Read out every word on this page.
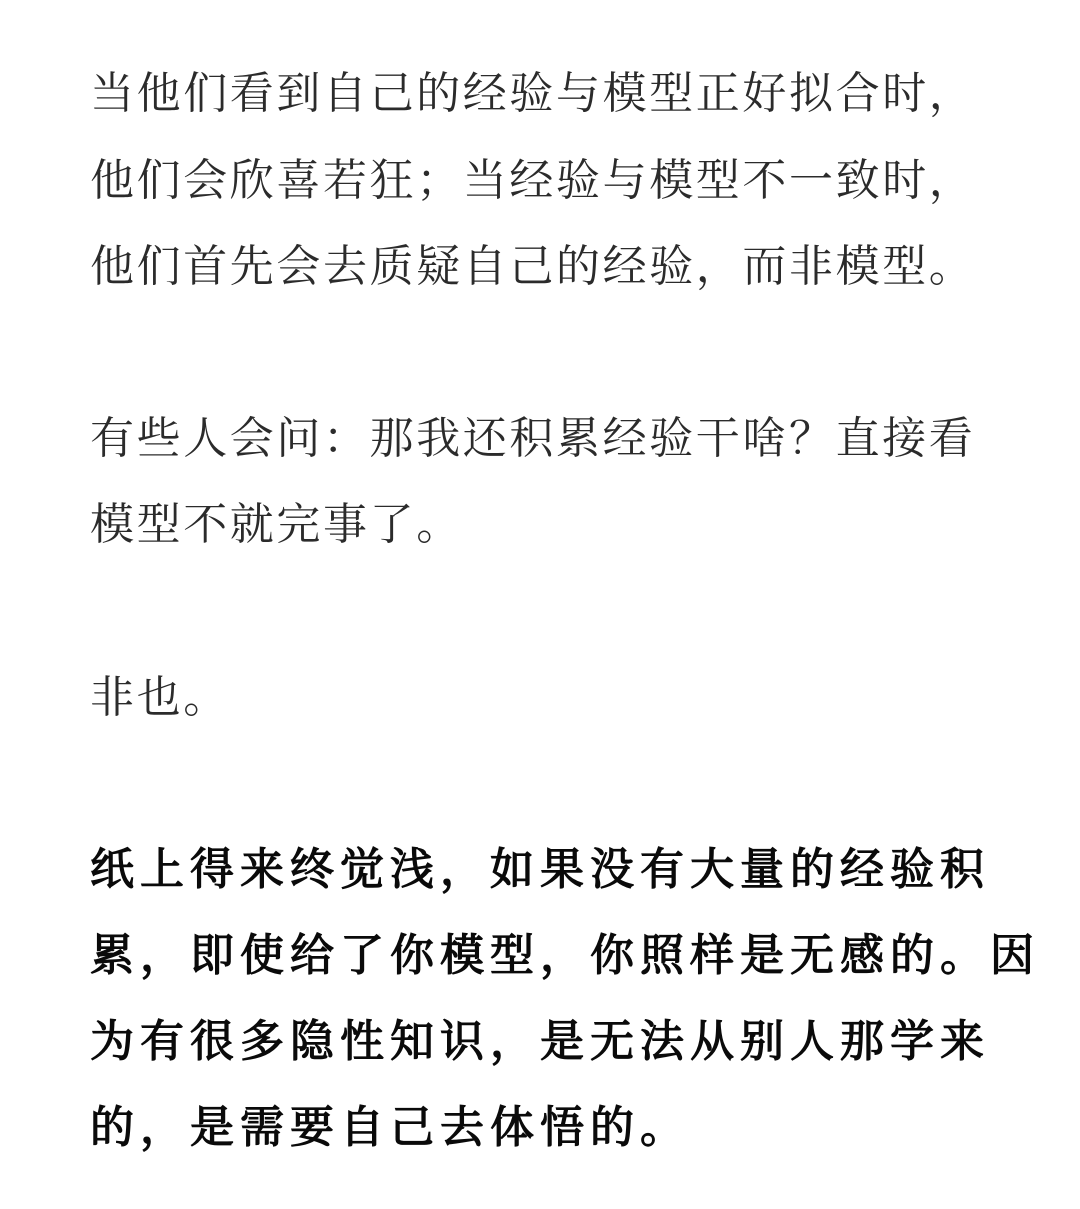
当他们看到自己的经验与模型正好拟合时，
他们会欣喜若狂；当经验与模型不一致时，
他们首先会去质疑自己的经验，而非模型。
有些人会问：那我还积累经验干啥？直接看
模型不就完事了。
非也。
纸上得来终觉浅，如果没有大量的经验积
累，即使给了你模型，你照样是无感的。因
为有很多隐性知识，是无法从别人那学来
的，是需要自己去体悟的。
